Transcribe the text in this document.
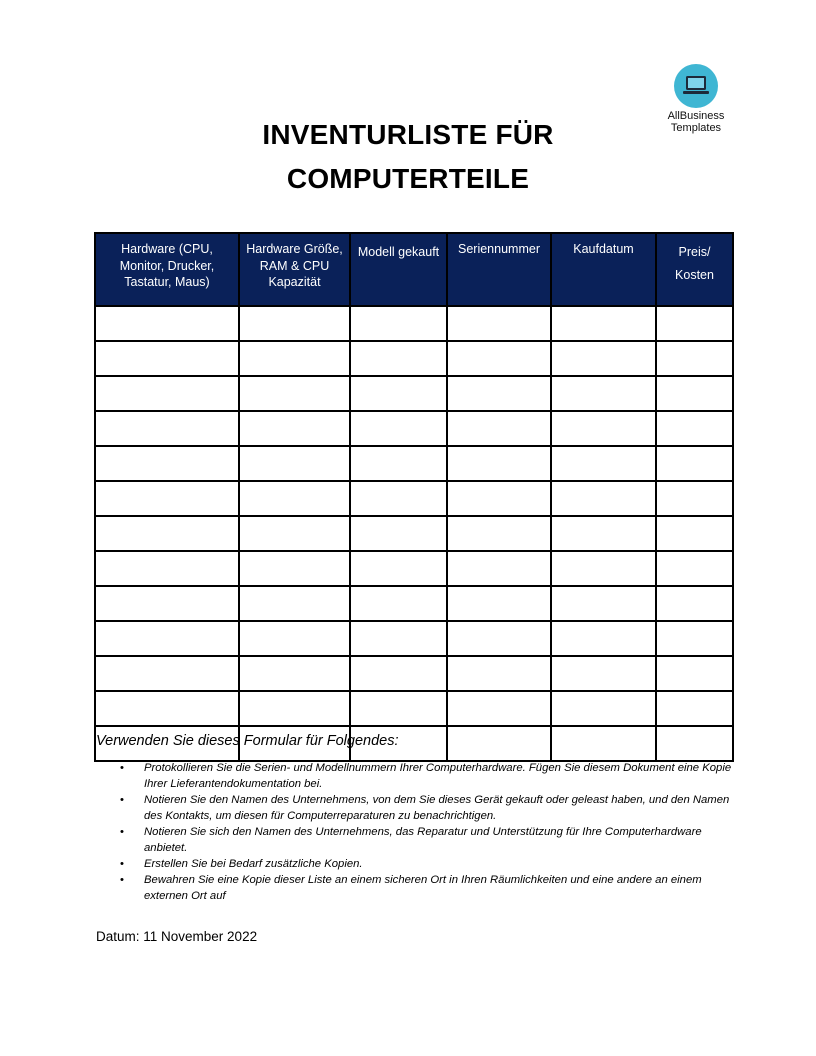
AllBusiness
Templates
INVENTURLISTE FÜR
COMPUTERTEILE
Hardware (CPU, Monitor, Drucker, Tastatur, Maus)	Hardware Größe, RAM & CPU Kapazität	Modell gekauft	Seriennummer	Kaufdatum	Preis/ Kosten

Verwenden Sie dieses Formular für Folgendes:
• Protokollieren Sie die Serien- und Modellnummern Ihrer Computerhardware. Fügen Sie diesem Dokument eine Kopie Ihrer Lieferantendokumentation bei.
• Notieren Sie den Namen des Unternehmens, von dem Sie dieses Gerät gekauft oder geleast haben, und den Namen des Kontakts, um diesen für Computerreparaturen zu benachrichtigen.
• Notieren Sie sich den Namen des Unternehmens, das Reparatur und Unterstützung für Ihre Computerhardware anbietet.
• Erstellen Sie bei Bedarf zusätzliche Kopien.
• Bewahren Sie eine Kopie dieser Liste an einem sicheren Ort in Ihren Räumlichkeiten und eine andere an einem externen Ort auf
Datum: 11 November 2022
